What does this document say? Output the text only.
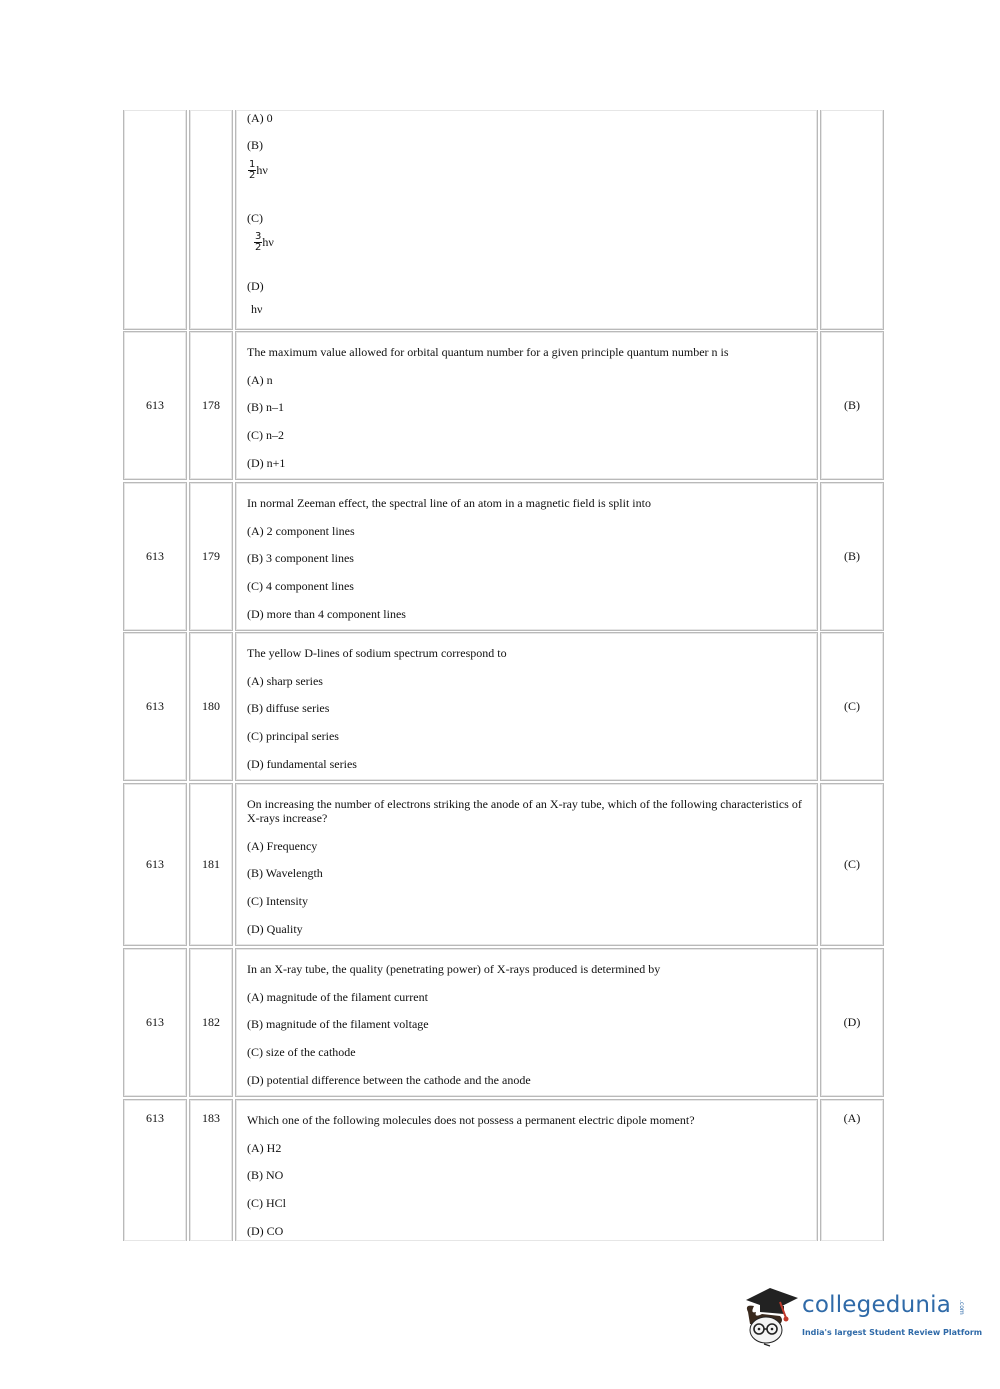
(A) 0

(B)

$\frac{1}{2}$ hν

(C)

$\frac{3}{2}$ hν

(D)

hν

613	178

The maximum value allowed for orbital quantum number for a given principle quantum number n is

(A) n

(B) n–1

(C) n–2

(D) n+1

(B)
613	179

In normal Zeeman effect, the spectral line of an atom in a magnetic field is split into

(A) 2 component lines

(B) 3 component lines

(C) 4 component lines

(D) more than 4 component lines

(B)
613	180

The yellow D-lines of sodium spectrum correspond to

(A) sharp series

(B) diffuse series

(C) principal series

(D) fundamental series

(C)
613	181

On increasing the number of electrons striking the anode of an X-ray tube, which of the following characteristics of X-rays increase?

(A) Frequency

(B) Wavelength

(C) Intensity

(D) Quality

(C)
613	182

In an X-ray tube, the quality (penetrating power) of X-rays produced is determined by

(A) magnitude of the filament current

(B) magnitude of the filament voltage

(C) size of the cathode

(D) potential difference between the cathode and the anode

(D)
613	183	Which one of the following molecules does not possess a permanent electric dipole moment?

(A) H2

(B) NO

(C) HCl

(D) CO

(A)
collegedunia .com
India's largest Student Review Platform
